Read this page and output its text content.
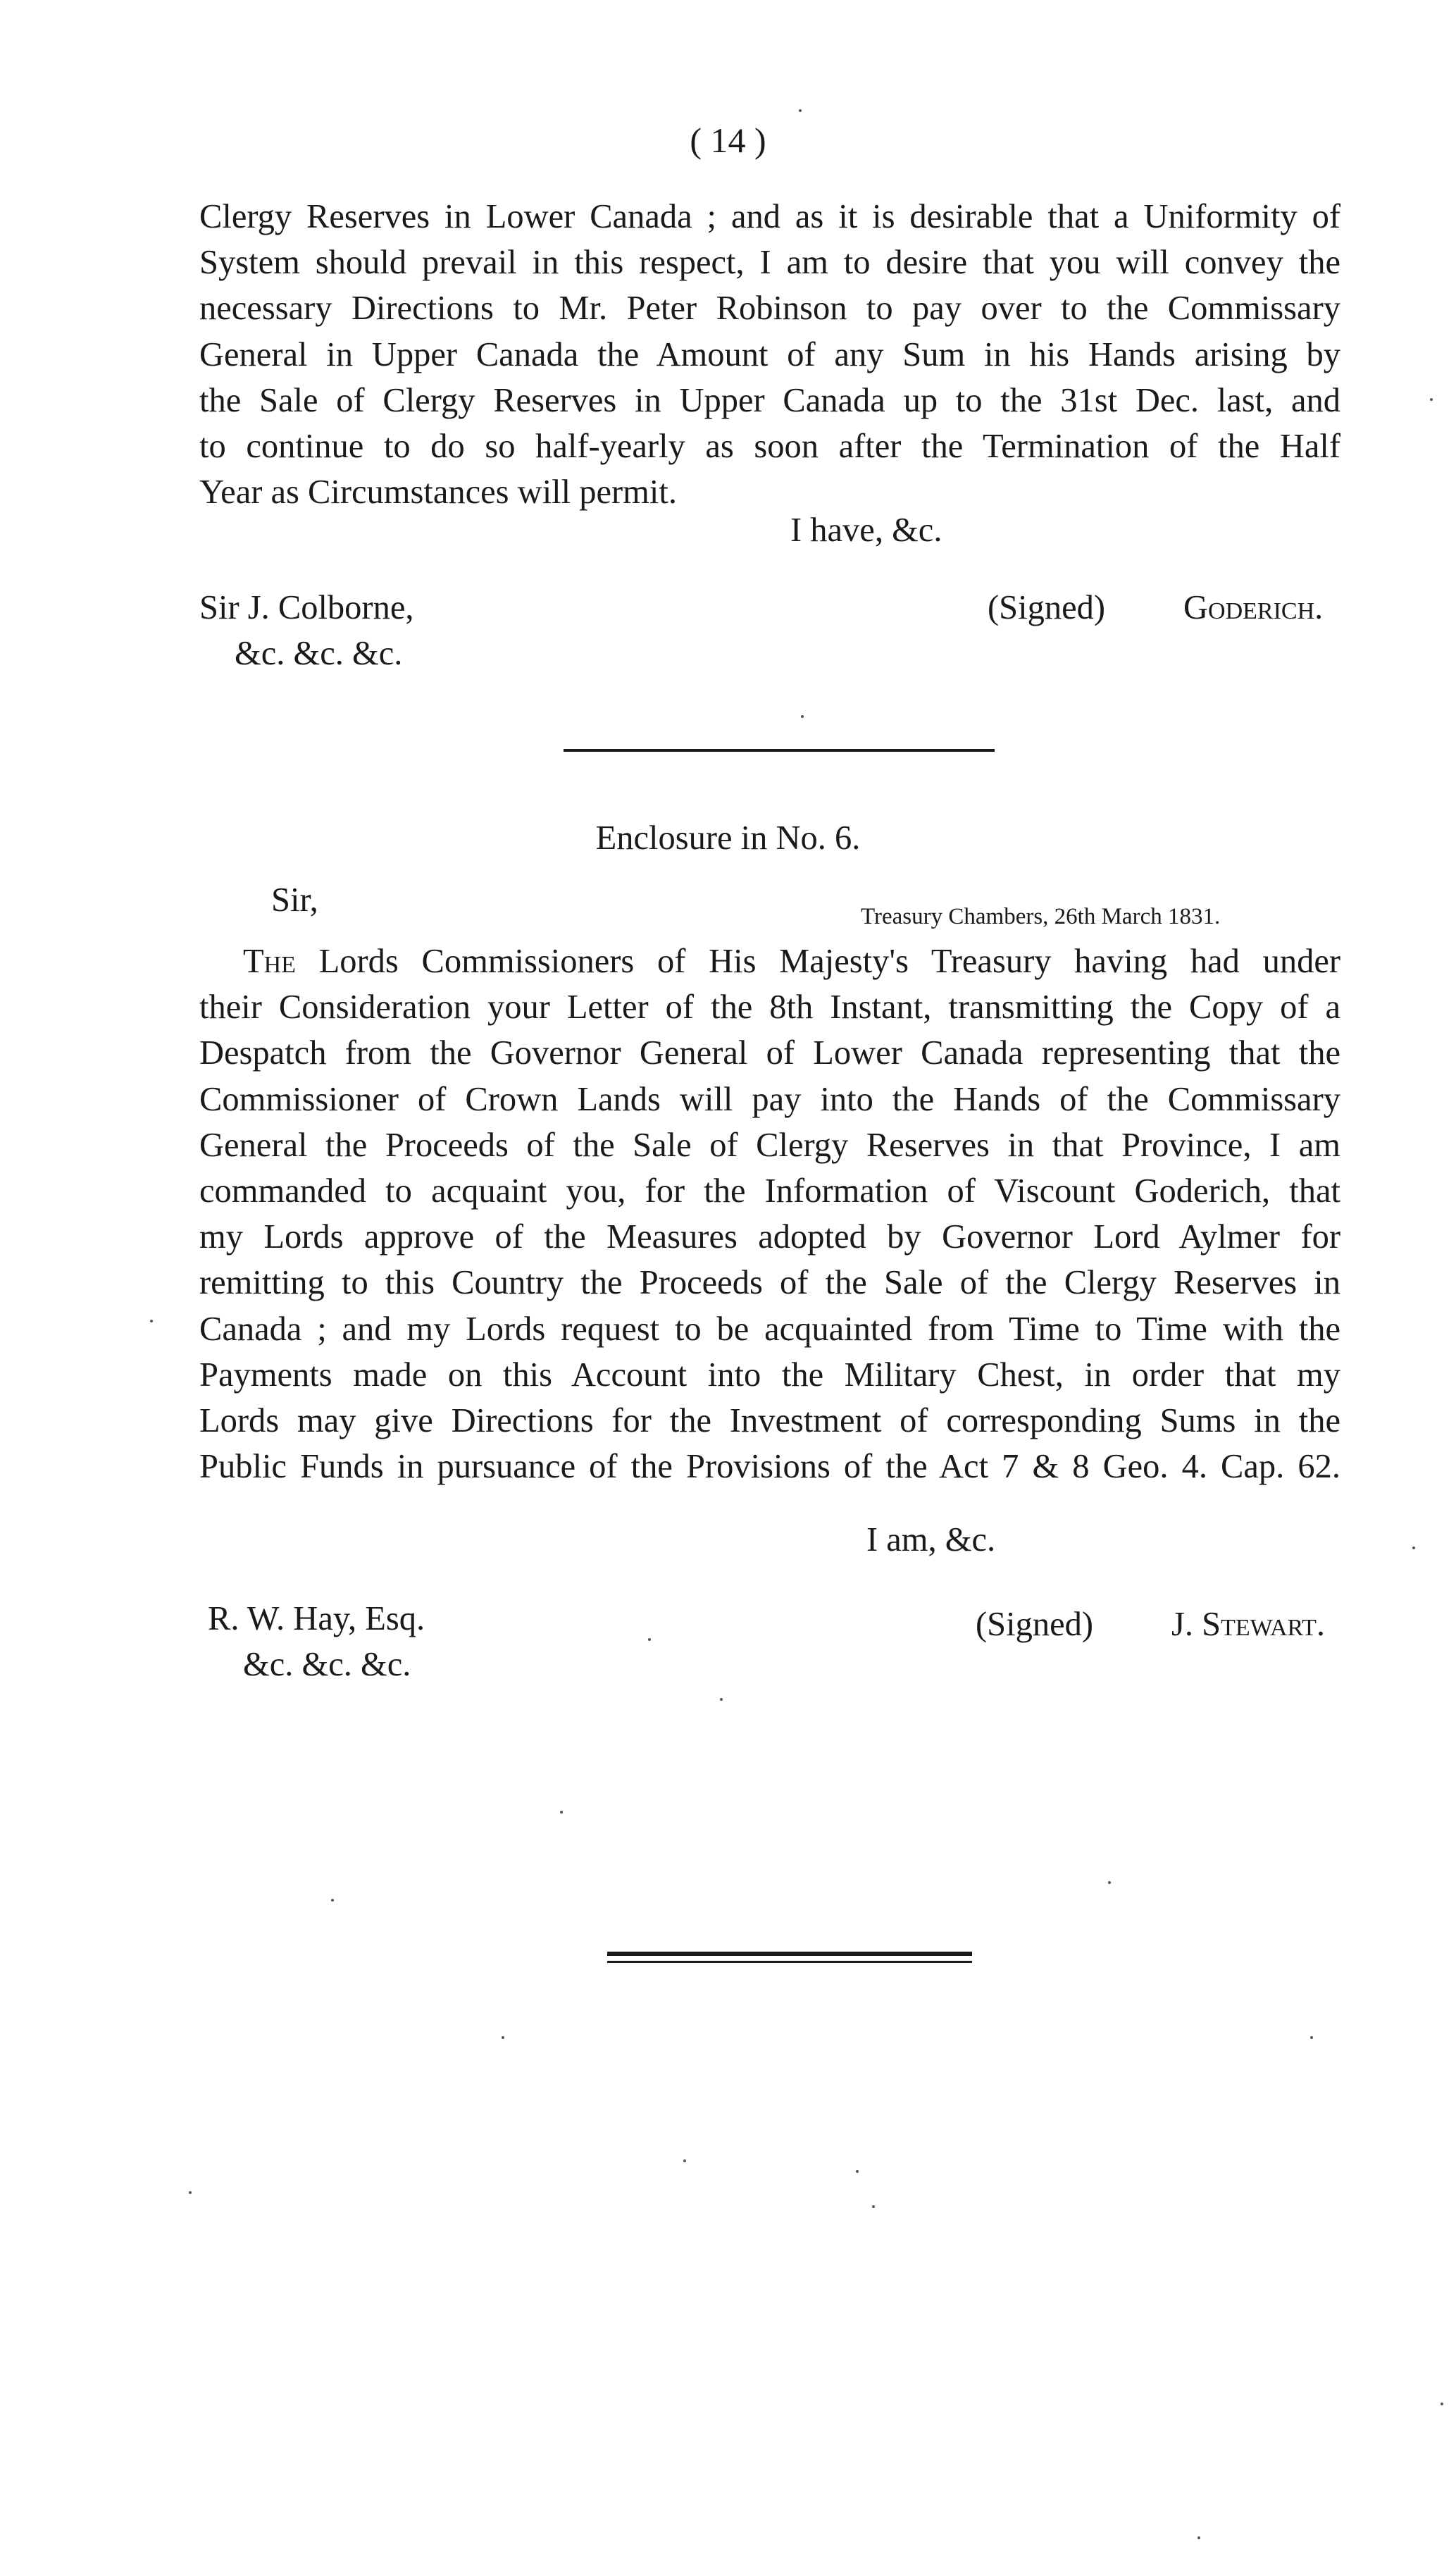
( 14 )
Clergy Reserves in Lower Canada ; and as it is desirable that a Uniformity of
System should prevail in this respect, I am to desire that you will convey the
necessary Directions to Mr. Peter Robinson to pay over to the Commissary
General in Upper Canada the Amount of any Sum in his Hands arising by
the Sale of Clergy Reserves in Upper Canada up to the 31st Dec. last, and
to continue to do so half-yearly as soon after the Termination of the Half
Year as Circumstances will permit.
I have, &c.
Sir J. Colborne,
&c. &c. &c.
(Signed) Goderich.
Enclosure in No. 6.
Sir,	Treasury Chambers, 26th March 1831.
The Lords Commissioners of His Majesty's Treasury having had under
their Consideration your Letter of the 8th Instant, transmitting the Copy of a
Despatch from the Governor General of Lower Canada representing that the
Commissioner of Crown Lands will pay into the Hands of the Commissary
General the Proceeds of the Sale of Clergy Reserves in that Province, I am
commanded to acquaint you, for the Information of Viscount Goderich, that
my Lords approve of the Measures adopted by Governor Lord Aylmer for
remitting to this Country the Proceeds of the Sale of the Clergy Reserves in
Canada ; and my Lords request to be acquainted from Time to Time with the
Payments made on this Account into the Military Chest, in order that my
Lords may give Directions for the Investment of corresponding Sums in the
Public Funds in pursuance of the Provisions of the Act 7 & 8 Geo. 4. Cap. 62.
I am, &c.
R. W. Hay, Esq.
&c. &c. &c.
(Signed) J. Stewart.
